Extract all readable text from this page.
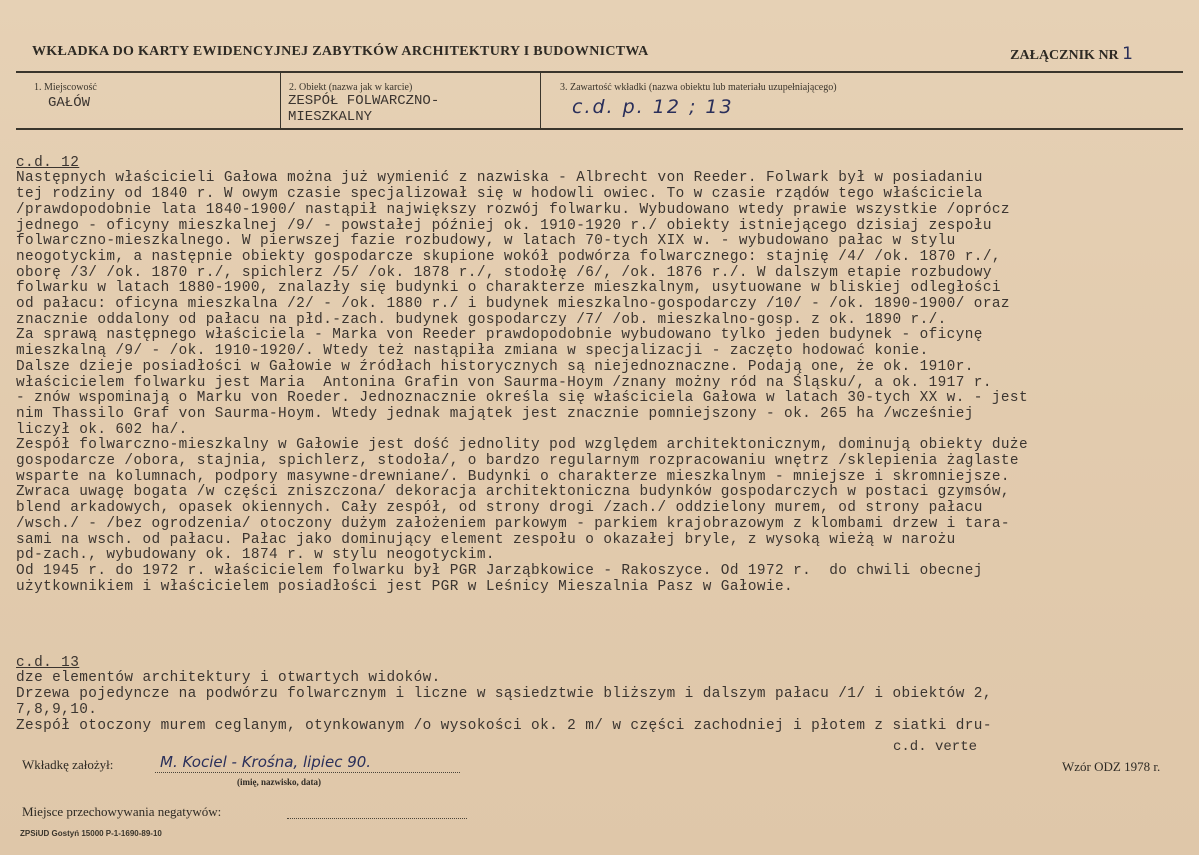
WKŁADKA DO KARTY EWIDENCYJNEJ ZABYTKÓW ARCHITEKTURY I BUDOWNICTWA	ZAŁĄCZNIK NR 1
1. Miejscowość
GAŁÓW
2. Obiekt (nazwa jak w karcie)
ZESPÓŁ FOLWARCZNO-
MIESZKALNY
3. Zawartość wkładki (nazwa obiektu lub materiału uzupełniającego)
c.d. p. 12 ; 13

c.d. 12
Następnych właścicieli Gałowa można już wymienić z nazwiska - Albrecht von Reeder. Folwark był w posiadaniu
tej rodziny od 1840 r. W owym czasie specjalizował się w hodowli owiec. To w czasie rządów tego właściciela
/prawdopodobnie lata 1840-1900/ nastąpił największy rozwój folwarku. Wybudowano wtedy prawie wszystkie /oprócz
jednego - oficyny mieszkalnej /9/ - powstałej później ok. 1910-1920 r./ obiekty istniejącego dzisiaj zespołu
folwarczno-mieszkalnego. W pierwszej fazie rozbudowy, w latach 70-tych XIX w. - wybudowano pałac w stylu
neogotyckim, a następnie obiekty gospodarcze skupione wokół podwórza folwarcznego: stajnię /4/ /ok. 1870 r./,
oborę /3/ /ok. 1870 r./, spichlerz /5/ /ok. 1878 r./, stodołę /6/, /ok. 1876 r./. W dalszym etapie rozbudowy
folwarku w latach 1880-1900, znalazły się budynki o charakterze mieszkalnym, usytuowane w bliskiej odległości
od pałacu: oficyna mieszkalna /2/ - /ok. 1880 r./ i budynek mieszkalno-gospodarczy /10/ - /ok. 1890-1900/ oraz
znacznie oddalony od pałacu na płd.-zach. budynek gospodarczy /7/ /ob. mieszkalno-gosp. z ok. 1890 r./.
Za sprawą następnego właściciela - Marka von Reeder prawdopodobnie wybudowano tylko jeden budynek - oficynę
mieszkalną /9/ - /ok. 1910-1920/. Wtedy też nastąpiła zmiana w specjalizacji - zaczęto hodować konie.
Dalsze dzieje posiadłości w Gałowie w źródłach historycznych są niejednoznaczne. Podają one, że ok. 1910r.
właścicielem folwarku jest Maria  Antonina Grafin von Saurma-Hoym /znany możny ród na Śląsku/, a ok. 1917 r.
- znów wspominają o Marku von Roeder. Jednoznacznie określa się właściciela Gałowa w latach 30-tych XX w. - jest
nim Thassilo Graf von Saurma-Hoym. Wtedy jednak majątek jest znacznie pomniejszony - ok. 265 ha /wcześniej
liczył ok. 602 ha/.
Zespół folwarczno-mieszkalny w Gałowie jest dość jednolity pod względem architektonicznym, dominują obiekty duże
gospodarcze /obora, stajnia, spichlerz, stodoła/, o bardzo regularnym rozpracowaniu wnętrz /sklepienia żaglaste
wsparte na kolumnach, podpory masywne-drewniane/. Budynki o charakterze mieszkalnym - mniejsze i skromniejsze.
Zwraca uwagę bogata /w części zniszczona/ dekoracja architektoniczna budynków gospodarczych w postaci gzymsów,
blend arkadowych, opasek okiennych. Cały zespół, od strony drogi /zach./ oddzielony murem, od strony pałacu
/wsch./ - /bez ogrodzenia/ otoczony dużym założeniem parkowym - parkiem krajobrazowym z klombami drzew i tara-
sami na wsch. od pałacu. Pałac jako dominujący element zespołu o okazałej bryle, z wysoką wieżą w narożu
pd-zach., wybudowany ok. 1874 r. w stylu neogotyckim.
Od 1945 r. do 1972 r. właścicielem folwarku był PGR Jarząbkowice - Rakoszyce. Od 1972 r.  do chwili obecnej
użytkownikiem i właścicielem posiadłości jest PGR w Leśnicy Mieszalnia Pasz w Gałowie.

c.d. 13
dze elementów architektury i otwartych widoków.
Drzewa pojedyncze na podwórzu folwarcznym i liczne w sąsiedztwie bliższym i dalszym pałacu /1/ i obiektów 2,
7,8,9,10.
Zespół otoczony murem ceglanym, otynkowanym /o wysokości ok. 2 m/ w części zachodniej i płotem z siatki dru-

c.d. verte
Wkładkę założył:	M. Kociel - Krośna, lipiec 90.
(imię, nazwisko, data)
Wzór ODZ 1978 r.
Miejsce przechowywania negatywów:
ZPSiUD Gostyń 15000 P-1-1690-89-10
